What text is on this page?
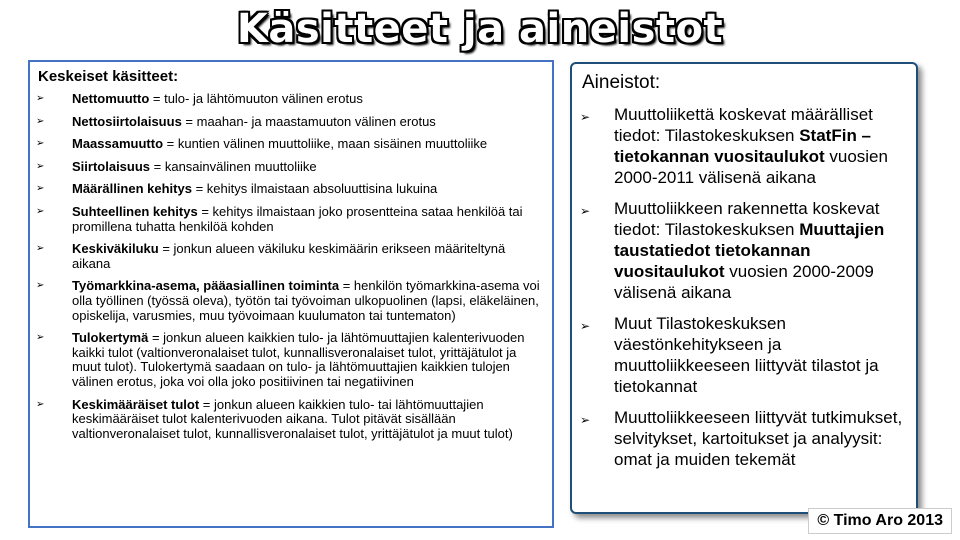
Käsitteet ja aineistot
Keskeiset käsitteet:
➢ Nettomuutto = tulo- ja lähtömuuton välinen erotus
➢ Nettosiirtolaisuus = maahan- ja maastamuuton välinen erotus
➢ Maassamuutto = kuntien välinen muuttoliike, maan sisäinen muuttoliike
➢ Siirtolaisuus = kansainvälinen muuttoliike
➢ Määrällinen kehitys = kehitys ilmaistaan absoluuttisina lukuina
➢ Suhteellinen kehitys = kehitys ilmaistaan joko prosentteina sataa henkilöä tai promillena tuhatta henkilöä kohden
➢ Keskiväkiluku = jonkun alueen väkiluku keskimäärin erikseen määriteltynä aikana
➢ Työmarkkina-asema, pääasiallinen toiminta = henkilön työmarkkina-asema voi olla työllinen (työssä oleva), työtön tai työvoiman ulkopuolinen (lapsi, eläkeläinen, opiskelija, varusmies, muu työvoimaan kuulumaton tai tuntematon)
➢ Tulokertymä = jonkun alueen kaikkien tulo- ja lähtömuuttajien kalenterivuoden kaikki tulot (valtionveronalaiset tulot, kunnallisveronalaiset tulot, yrittäjätulot ja muut tulot). Tulokertymä saadaan on tulo- ja lähtömuuttajien kaikkien tulojen välinen erotus, joka voi olla joko positiivinen tai negatiivinen
➢ Keskimääräiset tulot = jonkun alueen kaikkien tulo- tai lähtömuuttajien keskimääräiset tulot kalenterivuoden aikana. Tulot pitävät sisällään valtionveronalaiset tulot, kunnallisveronalaiset tulot, yrittäjätulot ja muut tulot)
Aineistot:
➢ Muuttoliikettä koskevat määrälliset tiedot: Tilastokeskuksen StatFin – tietokannan vuositaulukot vuosien 2000-2011 välisenä aikana
➢ Muuttoliikkeen rakennetta koskevat tiedot: Tilastokeskuksen Muuttajien taustatiedot tietokannan vuositaulukot vuosien 2000-2009 välisenä aikana
➢ Muut Tilastokeskuksen väestönkehitykseen ja muuttoliikkeeseen liittyvät tilastot ja tietokannat
➢ Muuttoliikkeeseen liittyvät tutkimukset, selvitykset, kartoitukset ja analyysit: omat ja muiden tekemät
© Timo Aro 2013
